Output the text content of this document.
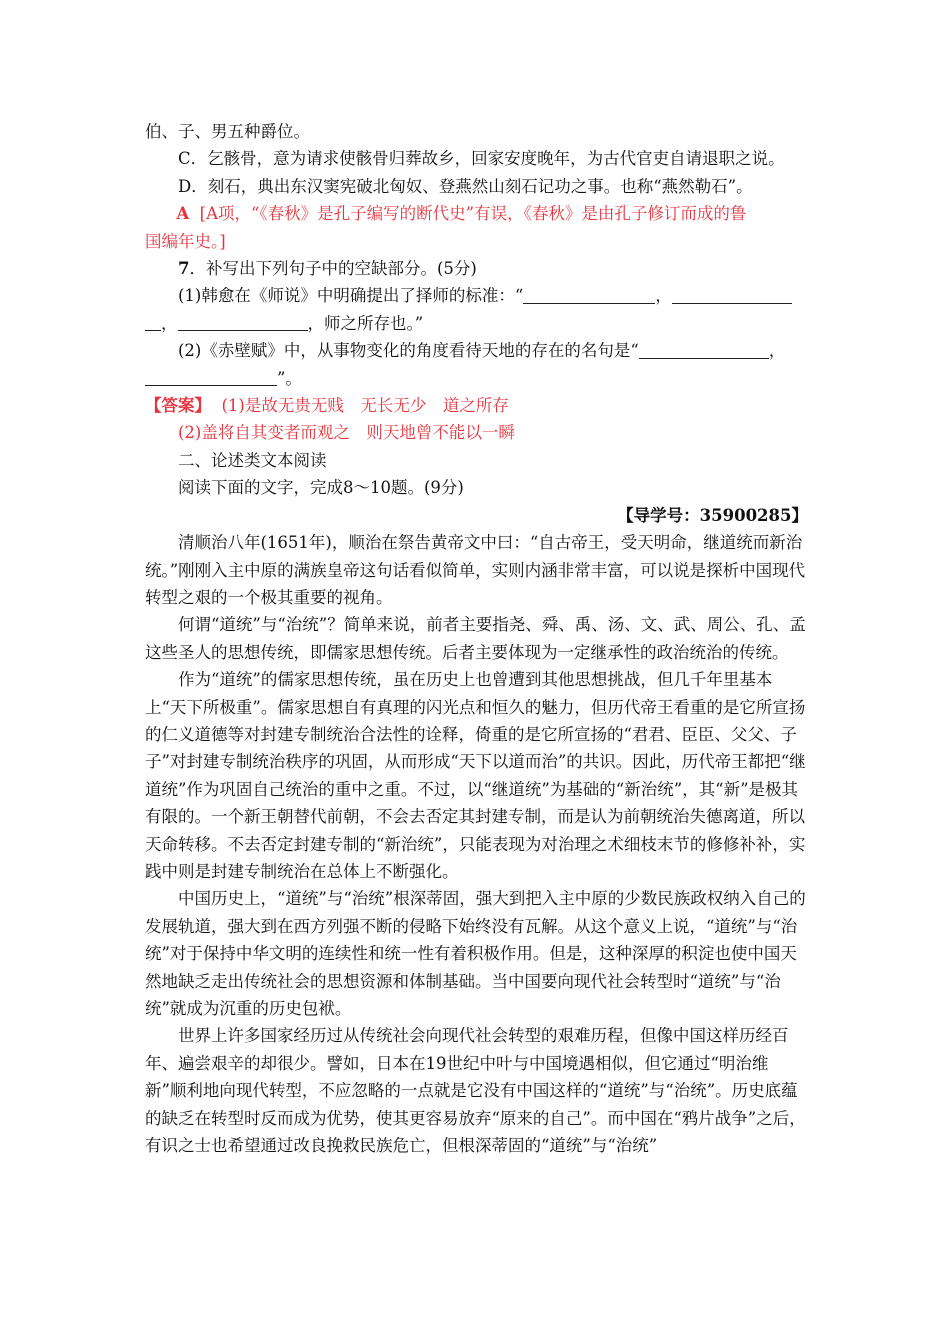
伯、子、男五种爵位。

C．乞骸骨，意为请求使骸骨归葬故乡，回家安度晚年，为古代官吏自请退职之说。

D．刻石，典出东汉窦宪破北匈奴、登燕然山刻石记功之事。也称“燕然勒石”。

A  [A项，“《春秋》是孔子编写的断代史”有误，《春秋》是由孔子修订而成的鲁

国编年史。]

7．补写出下列句子中的空缺部分。(5分)

(1)韩愈在《师说》中明确提出了择师的标准：“	，

，	，师之所存也。”

(2)《赤壁赋》中，从事物变化的角度看待天地的存在的名句是“	，

”。

【答案】  (1)是故无贵无贱　无长无少　道之所存

(2)盖将自其变者而观之　则天地曾不能以一瞬

二、论述类文本阅读

阅读下面的文字，完成8～10题。(9分)

【导学号：35900285】

清顺治八年(1651年)，顺治在祭告黄帝文中曰：“自古帝王，受天明命，继道统而新治统。”刚刚入主中原的满族皇帝这句话看似简单，实则内涵非常丰富，可以说是探析中国现代转型之艰的一个极其重要的视角。

何谓“道统”与“治统”？简单来说，前者主要指尧、舜、禹、汤、文、武、周公、孔、孟这些圣人的思想传统，即儒家思想传统。后者主要体现为一定继承性的政治统治的传统。

作为“道统”的儒家思想传统，虽在历史上也曾遭到其他思想挑战，但几千年里基本上“天下所极重”。儒家思想自有真理的闪光点和恒久的魅力，但历代帝王看重的是它所宣扬的仁义道德等对封建专制统治合法性的诠释，倚重的是它所宣扬的“君君、臣臣、父父、子子”对封建专制统治秩序的巩固，从而形成“天下以道而治”的共识。因此，历代帝王都把“继道统”作为巩固自己统治的重中之重。不过，以“继道统”为基础的“新治统”，其“新”是极其有限的。一个新王朝替代前朝，不会去否定其封建专制，而是认为前朝统治失德离道，所以天命转移。不去否定封建专制的“新治统”，只能表现为对治理之术细枝末节的修修补补，实践中则是封建专制统治在总体上不断强化。

中国历史上，“道统”与“治统”根深蒂固，强大到把入主中原的少数民族政权纳入自己的发展轨道，强大到在西方列强不断的侵略下始终没有瓦解。从这个意义上说，“道统”与“治统”对于保持中华文明的连续性和统一性有着积极作用。但是，这种深厚的积淀也使中国天然地缺乏走出传统社会的思想资源和体制基础。当中国要向现代社会转型时“道统”与“治统”就成为沉重的历史包袱。

世界上许多国家经历过从传统社会向现代社会转型的艰难历程，但像中国这样历经百年、遍尝艰辛的却很少。譬如，日本在19世纪中叶与中国境遇相似，但它通过“明治维新”顺利地向现代转型，不应忽略的一点就是它没有中国这样的“道统”与“治统”。历史底蕴的缺乏在转型时反而成为优势，使其更容易放弃“原来的自己”。而中国在“鸦片战争”之后，有识之士也希望通过改良挽救民族危亡，但根深蒂固的“道统”与“治统”
